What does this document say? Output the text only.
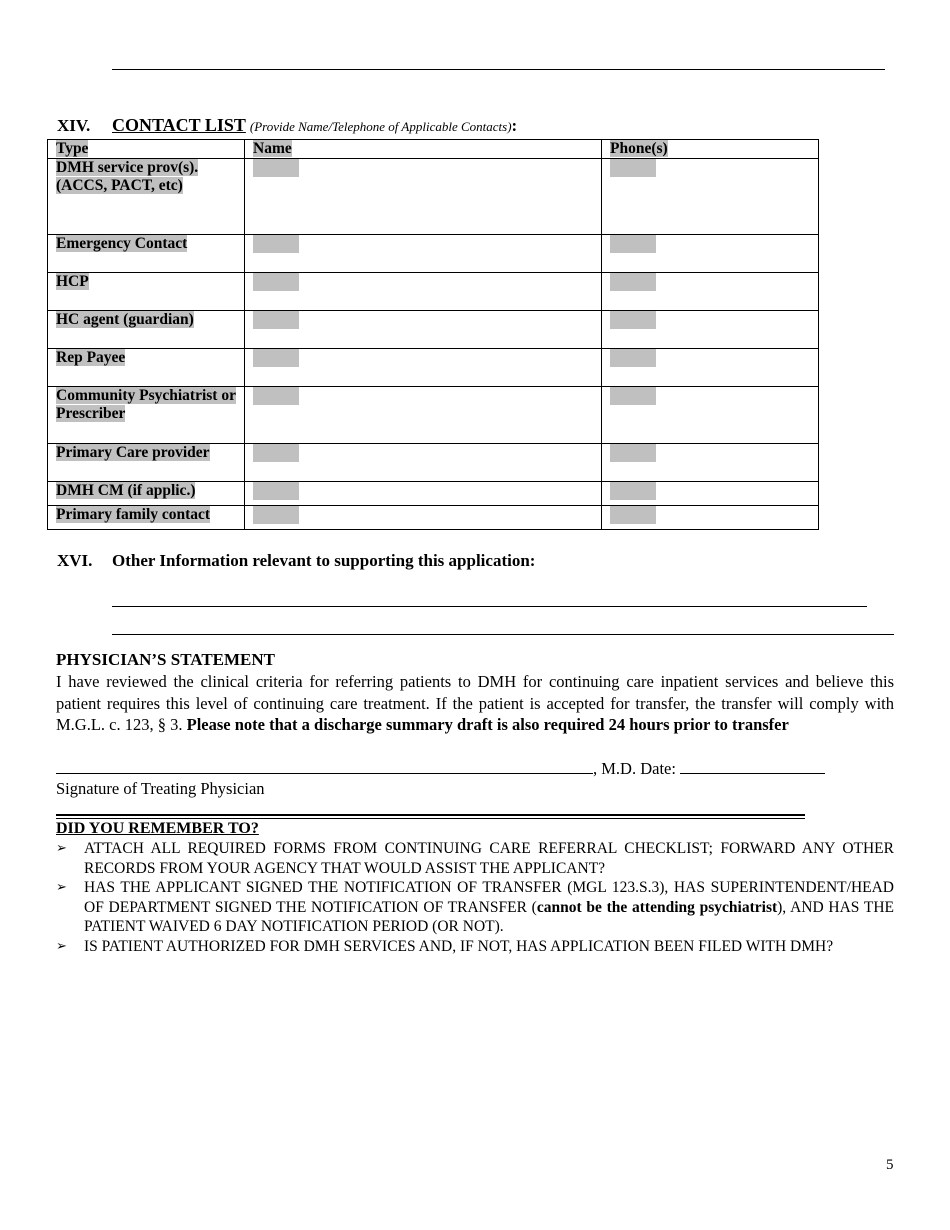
XIV. CONTACT LIST (Provide Name/Telephone of Applicable Contacts):
Type	Name	Phone(s)
DMH service prov(s). (ACCS, PACT, etc)		
Emergency Contact		
HCP		
HC agent (guardian)		
Rep Payee		
Community Psychiatrist or Prescriber		
Primary Care provider		
DMH CM (if applic.)		
Primary family contact		
XVI. Other Information relevant to supporting this application:
PHYSICIAN’S STATEMENT
I have reviewed the clinical criteria for referring patients to DMH for continuing care inpatient services and believe this patient requires this level of continuing care treatment. If the patient is accepted for transfer, the transfer will comply with M.G.L. c. 123, § 3. Please note that a discharge summary draft is also required 24 hours prior to transfer
, M.D. Date:
Signature of Treating Physician
DID YOU REMEMBER TO?
➢ ATTACH ALL REQUIRED FORMS FROM CONTINUING CARE REFERRAL CHECKLIST; FORWARD ANY OTHER RECORDS FROM YOUR AGENCY THAT WOULD ASSIST THE APPLICANT?
➢ HAS THE APPLICANT SIGNED THE NOTIFICATION OF TRANSFER (MGL 123.S.3), HAS SUPERINTENDENT/HEAD OF DEPARTMENT SIGNED THE NOTIFICATION OF TRANSFER (cannot be the attending psychiatrist), AND HAS THE PATIENT WAIVED 6 DAY NOTIFICATION PERIOD (OR NOT).
➢ IS PATIENT AUTHORIZED FOR DMH SERVICES AND, IF NOT, HAS APPLICATION BEEN FILED WITH DMH?
5
